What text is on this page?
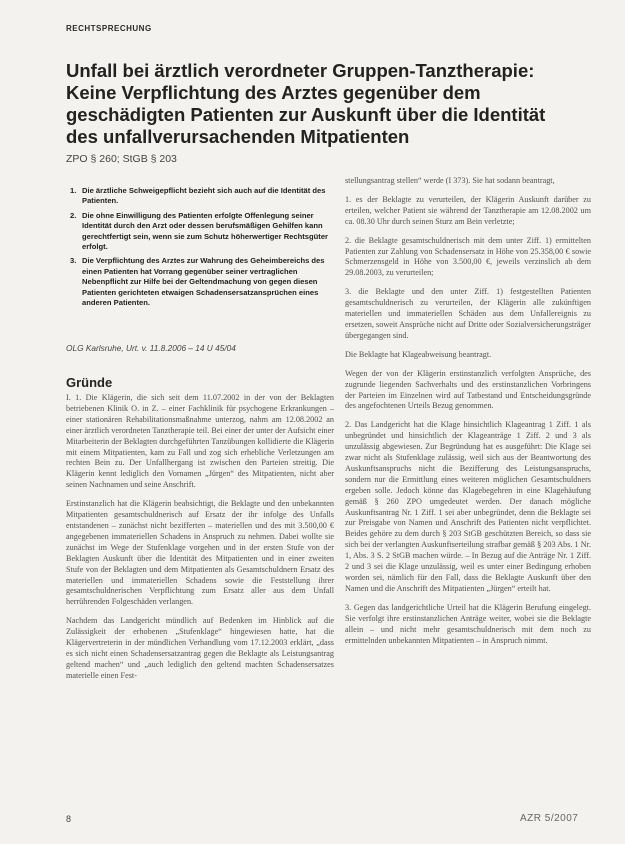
RECHTSPRECHUNG
Unfall bei ärztlich verordneter Gruppen-Tanztherapie: Keine Verpflichtung des Arztes gegenüber dem geschädigten Patienten zur Auskunft über die Identität des unfallverursachenden Mitpatienten
ZPO § 260; StGB § 203
1. Die ärztliche Schweigepflicht bezieht sich auch auf die Identität des Patienten.
2. Die ohne Einwilligung des Patienten erfolgte Offenlegung seiner Identität durch den Arzt oder dessen berufsmäßigen Gehilfen kann gerechtfertigt sein, wenn sie zum Schutz höherwertiger Rechtsgüter erfolgt.
3. Die Verpflichtung des Arztes zur Wahrung des Geheimbereichs des einen Patienten hat Vorrang gegenüber seiner vertraglichen Nebenpflicht zur Hilfe bei der Geltendmachung von gegen diesen Patienten gerichteten etwaigen Schadensersatzansprüchen eines anderen Patienten.
OLG Karlsruhe, Urt. v. 11.8.2006 – 14 U 45/04
Gründe

I. 1. Die Klägerin, die sich seit dem 11.07.2002 in der von der Beklagten betriebenen Klinik O. in Z. – einer Fachklinik für psychogene Erkrankungen – einer stationären Rehabilitationsmaßnahme unterzog, nahm am 12.08.2002 an einer ärztlich verordneten Tanztherapie teil. Bei einer der unter der Aufsicht einer Mitarbeiterin der Beklagten durchgeführten Tanzübungen kollidierte die Klägerin mit einem Mitpatienten, kam zu Fall und zog sich erhebliche Verletzungen am rechten Bein zu. Der Unfallhergang ist zwischen den Parteien streitig. Die Klägerin kennt lediglich den Vornamen „Jürgen“ des Mitpatienten, nicht aber seinen Nachnamen und seine Anschrift.

Erstinstanzlich hat die Klägerin beabsichtigt, die Beklagte und den unbekannten Mitpatienten gesamtschuldnerisch auf Ersatz der ihr infolge des Unfalls entstandenen – zunächst nicht bezifferten – materiellen und des mit 3.500,00 € angegebenen immateriellen Schadens in Anspruch zu nehmen. Dabei wollte sie zunächst im Wege der Stufenklage vorgehen und in der ersten Stufe von der Beklagten Auskunft über die Identität des Mitpatienten und in einer zweiten Stufe von der Beklagten und dem Mitpatienten als Gesamtschuldnern Ersatz des materiellen und immateriellen Schadens sowie die Feststellung ihrer gesamtschuldnerischen Verpflichtung zum Ersatz aller aus dem Unfall herrührenden Folgeschäden verlangen.

Nachdem das Landgericht mündlich auf Bedenken im Hinblick auf die Zulässigkeit der erhobenen „Stufenklage“ hingewiesen hatte, hat die Klägervertreterin in der mündlichen Verhandlung vom 17.12.2003 erklärt, „dass es sich nicht einen Schadensersatzantrag gegen die Beklagte als Leistungsantrag geltend machen“ und „auch lediglich den geltend machten Schadensersatzes materielle einen Fest-

stellungsantrag stellen“ werde (I 373). Sie hat sodann beantragt,

1. es der Beklagte zu verurteilen, der Klägerin Auskunft darüber zu erteilen, welcher Patient sie während der Tanztherapie am 12.08.2002 um ca. 08.30 Uhr durch seinen Sturz am Bein verletzte;

2. die Beklagte gesamtschuldnerisch mit dem unter Ziff. 1) ermittelten Patienten zur Zahlung von Schadensersatz in Höhe von 25.358,00 € sowie Schmerzensgeld in Höhe von 3.500,00 €, jeweils verzinslich ab dem 29.08.2003, zu verurteilen;

3. die Beklagte und den unter Ziff. 1) festgestellten Patienten gesamtschuldnerisch zu verurteilen, der Klägerin alle zukünftigen materiellen und immateriellen Schäden aus dem Unfallereignis zu ersetzen, soweit Ansprüche nicht auf Dritte oder Sozialversicherungsträger übergegangen sind.

Die Beklagte hat Klageabweisung beantragt.

Wegen der von der Klägerin erstinstanzlich verfolgten Ansprüche, des zugrunde liegenden Sachverhalts und des erstinstanzlichen Vorbringens der Parteien im Einzelnen wird auf Tatbestand und Entscheidungsgründe des angefochtenen Urteils Bezug genommen.

2. Das Landgericht hat die Klage hinsichtlich Klageantrag 1 Ziff. 1 als unbegründet und hinsichtlich der Klageanträge 1 Ziff. 2 und 3 als unzulässig abgewiesen. Zur Begründung hat es ausgeführt: Die Klage sei zwar nicht als Stufenklage zulässig, weil sich aus der Beantwortung des Auskunftsanspruchs nicht die Bezifferung des Leistungsanspruchs, sondern nur die Ermittlung eines weiteren möglichen Gesamtschuldners ergeben solle. Jedoch könne das Klagebegehren in eine Klagehäufung gemäß § 260 ZPO umgedeutet werden. Der danach mögliche Auskunftsantrag Nr. 1 Ziff. 1 sei aber unbegründet, denn die Beklagte sei zur Preisgabe von Namen und Anschrift des Patienten nicht verpflichtet. Beides gehöre zu dem durch § 203 StGB geschützten Bereich, so dass sie sich bei der verlangten Auskunftserteilung strafbar gemäß § 203 Abs. 1 Nr. 1, Abs. 3 S. 2 StGB machen würde. – In Bezug auf die Anträge Nr. 1 Ziff. 2 und 3 sei die Klage unzulässig, weil es unter einer Bedingung erhoben worden sei, nämlich für den Fall, dass die Beklagte Auskunft über den Namen und die Anschrift des Mitpatienten „Jürgen“ erteilt hat.

3. Gegen das landgerichtliche Urteil hat die Klägerin Berufung eingelegt. Sie verfolgt ihre erstinstanzlichen Anträge weiter, wobei sie die Beklagte allein – und nicht mehr gesamtschuldnerisch mit dem noch zu ermittelnden unbekannten Mitpatienten – in Anspruch nimmt.

8	AZR 5/2007
